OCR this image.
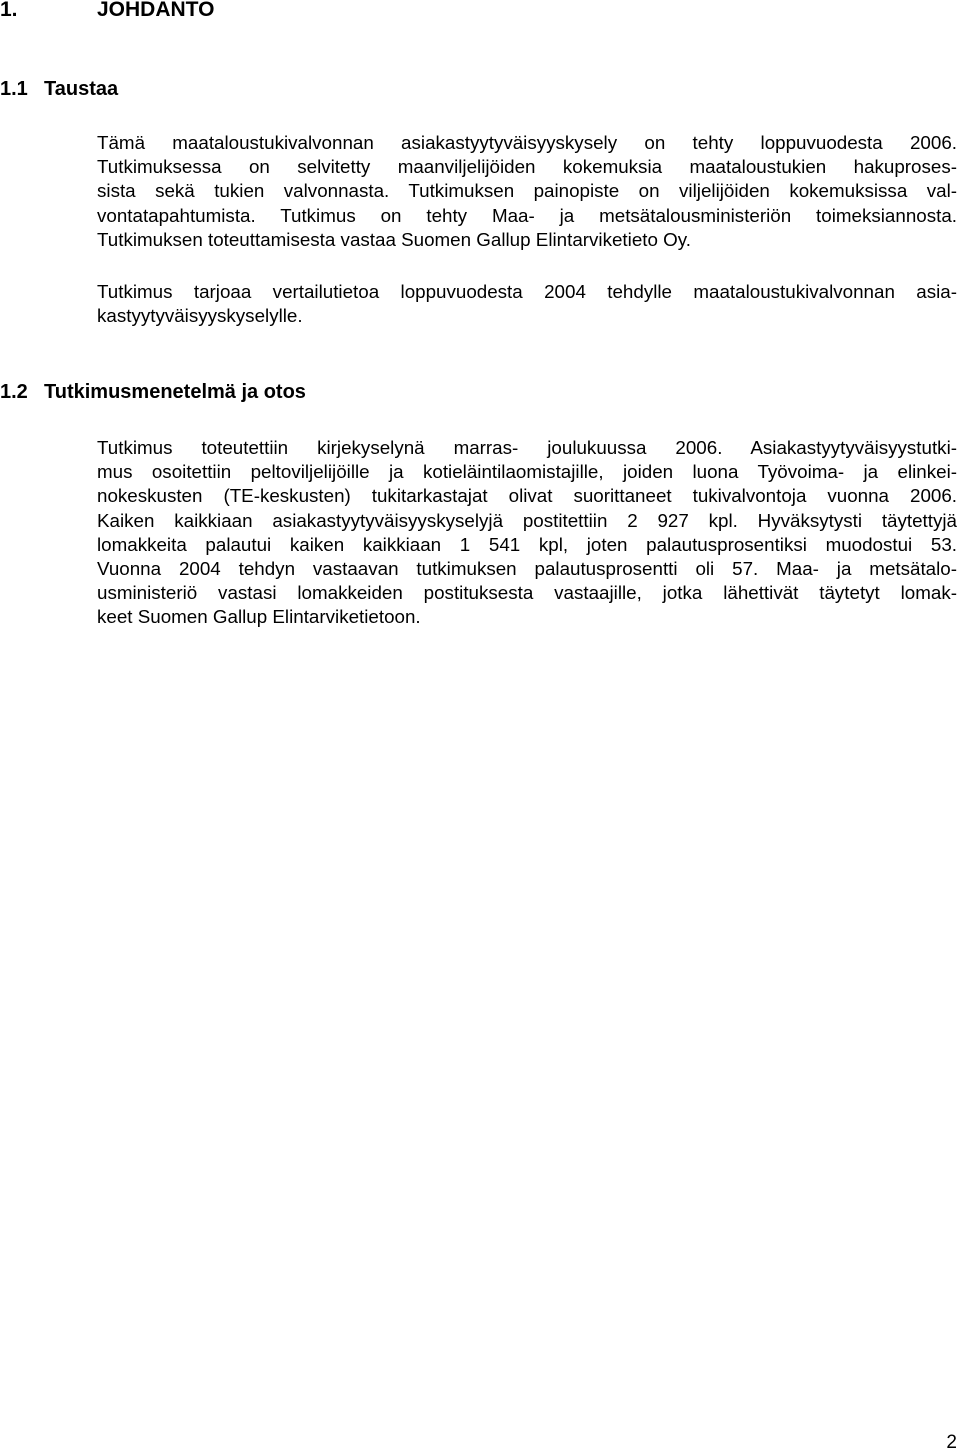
1.	JOHDANTO
1.1 Taustaa
Tämä maataloustukivalvonnan asiakastyytyväisyyskysely on tehty loppuvuodesta 2006.
Tutkimuksessa on selvitetty maanviljelijöiden kokemuksia maataloustukien hakuproses-
sista sekä tukien valvonnasta. Tutkimuksen painopiste on viljelijöiden kokemuksissa val-
vontatapahtumista. Tutkimus on tehty Maa- ja metsätalousministeriön toimeksiannosta.
Tutkimuksen toteuttamisesta vastaa Suomen Gallup Elintarviketieto Oy.
Tutkimus tarjoaa vertailutietoa loppuvuodesta 2004 tehdylle maataloustukivalvonnan asia-
kastyytyväisyyskyselylle.
1.2 Tutkimusmenetelmä ja otos
Tutkimus toteutettiin kirjekyselynä marras- joulukuussa 2006. Asiakastyytyväisyystutki-
mus osoitettiin peltoviljelijöille ja kotieläintilaomistajille, joiden luona Työvoima- ja elinkei-
nokeskusten (TE-keskusten) tukitarkastajat olivat suorittaneet tukivalvontoja vuonna 2006.
Kaiken kaikkiaan asiakastyytyväisyyskyselyjä postitettiin 2 927 kpl. Hyväksytysti täytettyjä
lomakkeita palautui kaiken kaikkiaan 1 541 kpl, joten palautusprosentiksi muodostui 53.
Vuonna 2004 tehdyn vastaavan tutkimuksen palautusprosentti oli 57. Maa- ja metsätalo-
usministeriö vastasi lomakkeiden postituksesta vastaajille, jotka lähettivät täytetyt lomak-
keet Suomen Gallup Elintarviketietoon.
2
